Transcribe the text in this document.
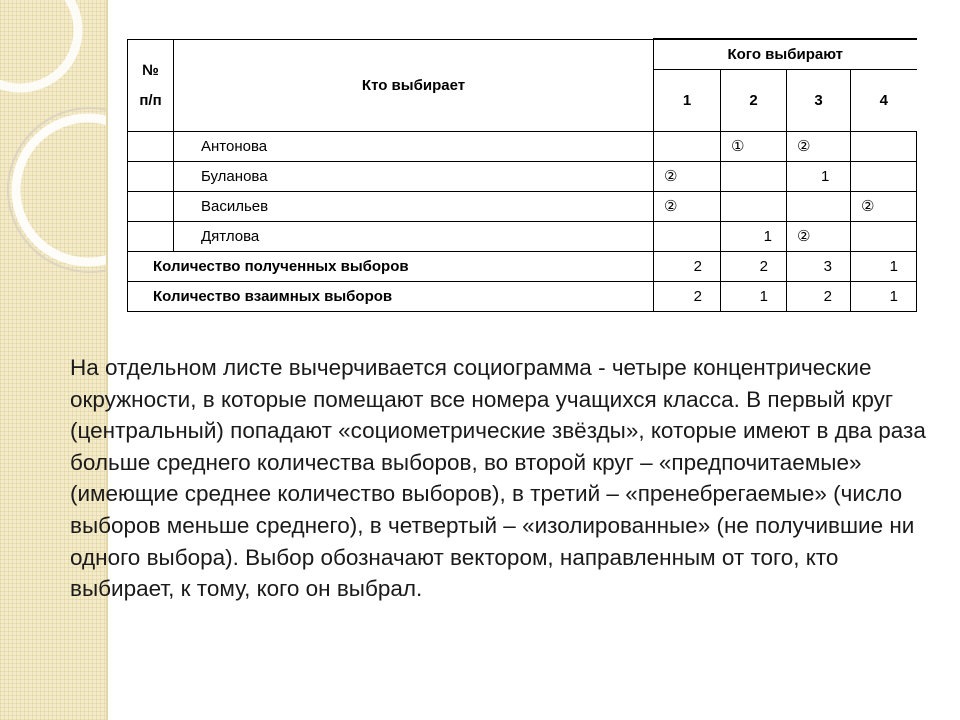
№
п/п	Кто выбирает	Кого выбирают			
		1	2	3	4
	Антонова		①	②	
	Буланова	②		1	
	Васильев	②			②
	Дятлова		1	②	
Количество полученных выборов		2	2	3	1
Количество взаимных выборов		2	1	2	1

На отдельном листе вычерчивается социограмма - четыре концентрические окружности, в которые помещают все номера учащихся класса. В первый круг (центральный) попадают «социометрические звёзды», которые имеют в два раза больше среднего количества выборов, во второй круг – «предпочитаемые» (имеющие среднее количество выборов), в третий – «пренебрегаемые» (число выборов меньше среднего), в четвертый – «изолированные» (не получившие ни одного выбора). Выбор обозначают вектором, направленным от того, кто выбирает, к тому, кого он выбрал.
